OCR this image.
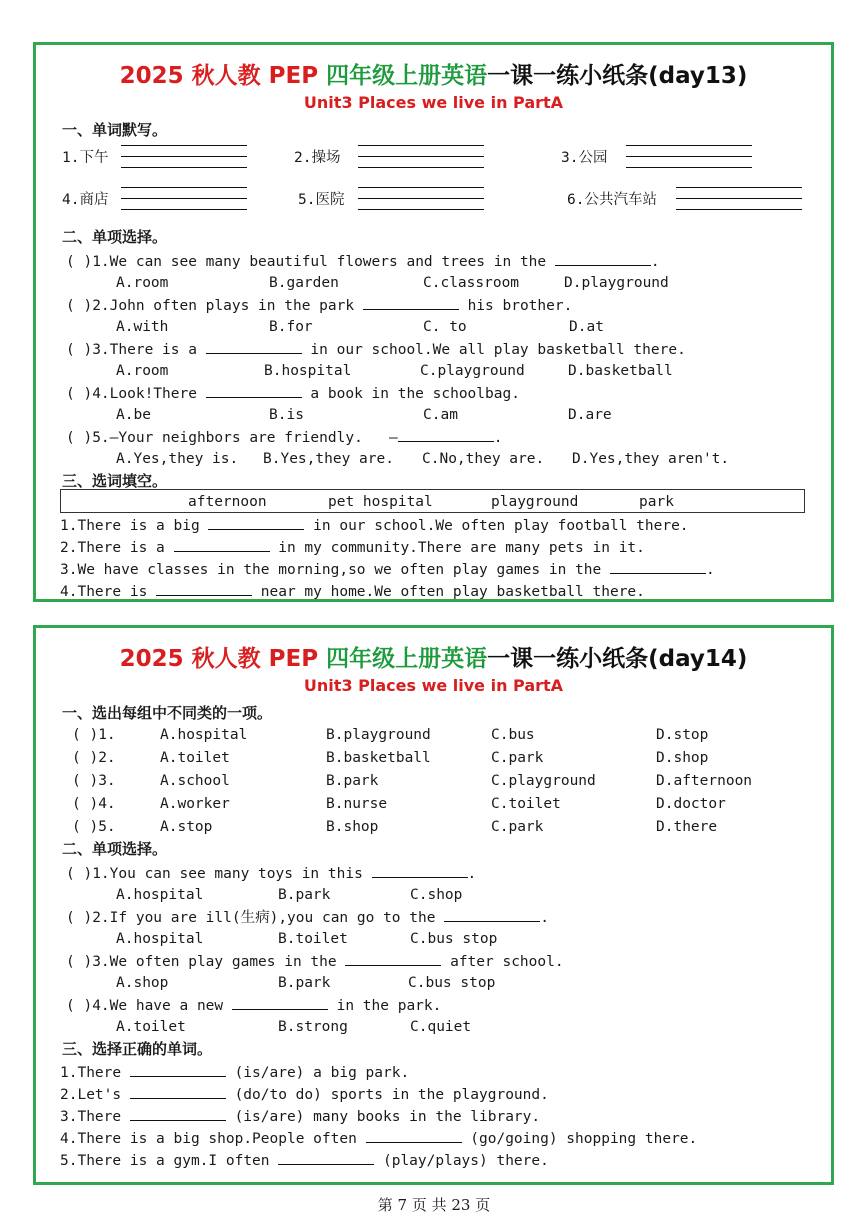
2025 秋人教 PEP 四年级上册英语一课一练小纸条(day13)
Unit3 Places we live in PartA
一、单词默写。
1.下午	2.操场	3.公园
4.商店	5.医院	6.公共汽车站
二、单项选择。
( )1.We can see many beautiful flowers and trees in the	.
A.room	B.garden	C.classroom	D.playground
( )2.John often plays in the park	his brother.
A.with	B.for	C. to	D.at
( )3.There is a	in our school.We all play basketball there.
A.room	B.hospital	C.playground	D.basketball
( )4.Look!There	a book in the schoolbag.
A.be	B.is	C.am	D.are
( )5.—Your neighbors are friendly. —	.
A.Yes,they is. B.Yes,they are. C.No,they are. D.Yes,they aren't.
三、选词填空。
afternoon	pet hospital	playground	park
1.There is a big	in our school.We often play football there.
2.There is a	in my community.There are many pets in it.
3.We have classes in the morning,so we often play games in the	.
4.There is	near my home.We often play basketball there.
2025 秋人教 PEP 四年级上册英语一课一练小纸条(day14)
Unit3 Places we live in PartA
一、选出每组中不同类的一项。
( )1.	A.hospital	B.playground	C.bus	D.stop
( )2.	A.toilet	B.basketball	C.park	D.shop
( )3.	A.school	B.park	C.playground	D.afternoon
( )4.	A.worker	B.nurse	C.toilet	D.doctor
( )5.	A.stop	B.shop	C.park	D.there
二、单项选择。
( )1.You can see many toys in this	.
A.hospital	B.park	C.shop
( )2.If you are ill(生病),you can go to the	.
A.hospital	B.toilet	C.bus stop
( )3.We often play games in the	after school.
A.shop	B.park	C.bus stop
( )4.We have a new	in the park.
A.toilet	B.strong	C.quiet
三、选择正确的单词。
1.There	(is/are) a big park.
2.Let's	(do/to do) sports in the playground.
3.There	(is/are) many books in the library.
4.There is a big shop.People often	(go/going) shopping there.
5.There is a gym.I often	(play/plays) there.
第 7 页 共 23 页
